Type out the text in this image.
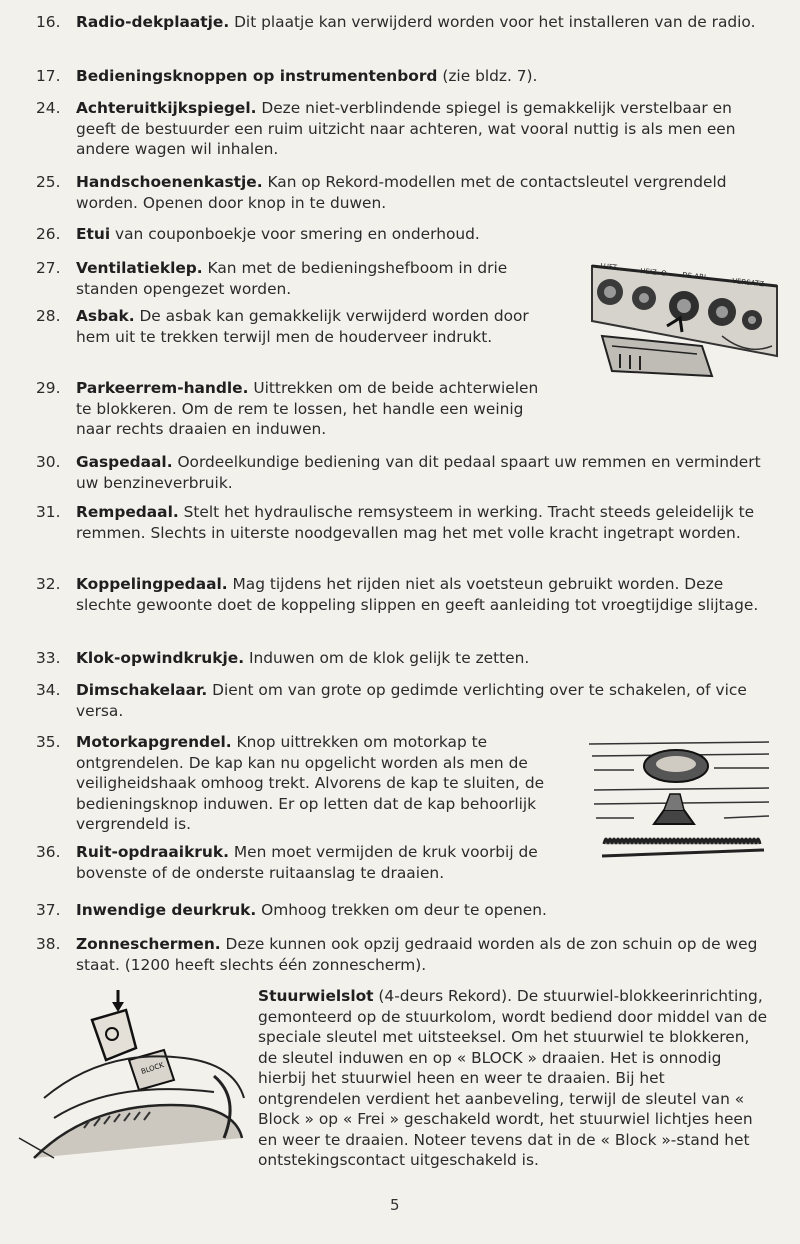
16.	Radio-dekplaatje. Dit plaatje kan verwijderd worden voor het installeren van de radio.
17.	Bedieningsknoppen op instrumentenbord (zie bldz. 7).
24.	Achteruitkijkspiegel. Deze niet-verblindende spiegel is gemakkelijk verstelbaar en geeft de bestuurder een ruim uitzicht naar achteren, wat vooral nuttig is als men een andere wagen wil inhalen.
25.	Handschoenenkastje. Kan op Rekord-modellen met de contactsleutel vergrendeld worden. Openen door knop in te duwen.
26.	Etui van couponboekje voor smering en onderhoud.
27.	Ventilatieklep. Kan met de bedieningshefboom in drie standen opengezet worden.
28.	Asbak. De asbak kan gemakkelijk verwijderd worden door hem uit te trekken terwijl men de houderveer indrukt.
29.	Parkeerrem-handle. Uittrekken om de beide achterwielen te blokkeren. Om de rem te lossen, het handle een weinig naar rechts draaien en induwen.
30.	Gaspedaal. Oordeelkundige bediening van dit pedaal spaart uw remmen en vermindert uw benzineverbruik.
31.	Rempedaal. Stelt het hydraulische remsysteem in werking. Tracht steeds geleidelijk te remmen. Slechts in uiterste noodgevallen mag het met volle kracht ingetrapt worden.
32.	Koppelingpedaal. Mag tijdens het rijden niet als voetsteun gebruikt worden. Deze slechte gewoonte doet de koppeling slippen en geeft aanleiding tot vroegtijdige slijtage.
33.	Klok-opwindkrukje. Induwen om de klok gelijk te zetten.
34.	Dimschakelaar. Dient om van grote op gedimde verlichting over te schakelen, of vice versa.
35.	Motorkapgrendel. Knop uittrekken om motorkap te ontgrendelen. De kap kan nu opgelicht worden als men de veiligheidshaak omhoog trekt. Alvorens de kap te sluiten, de bedieningsknop induwen. Er op letten dat de kap behoorlijk vergrendeld is.
36.	Ruit-opdraaikruk. Men moet vermijden de kruk voorbij de bovenste of de onderste ruitaanslag te draaien.
37.	Inwendige deurkruk. Omhoog trekken om deur te openen.
38.	Zonneschermen. Deze kunnen ook opzij gedraaid worden als de zon schuin op de weg staat. (1200 heeft slechts één zonnescherm).
LUFT
HEIZ. O DE ARL
VERSATZ
BLOCK
Stuurwielslot (4-deurs Rekord). De stuurwiel-blokkeerinrichting, gemonteerd op de stuurkolom, wordt bediend door middel van de speciale sleutel met uitsteeksel. Om het stuurwiel te blokkeren, de sleutel induwen en op « BLOCK » draaien. Het is onnodig hierbij het stuurwiel heen en weer te draaien. Bij het ontgrendelen verdient het aanbeveling, terwijl de sleutel van « Block » op « Frei » geschakeld wordt, het stuurwiel lichtjes heen en weer te draaien. Noteer tevens dat in de « Block »-stand het ontstekingscontact uitgeschakeld is.
5
